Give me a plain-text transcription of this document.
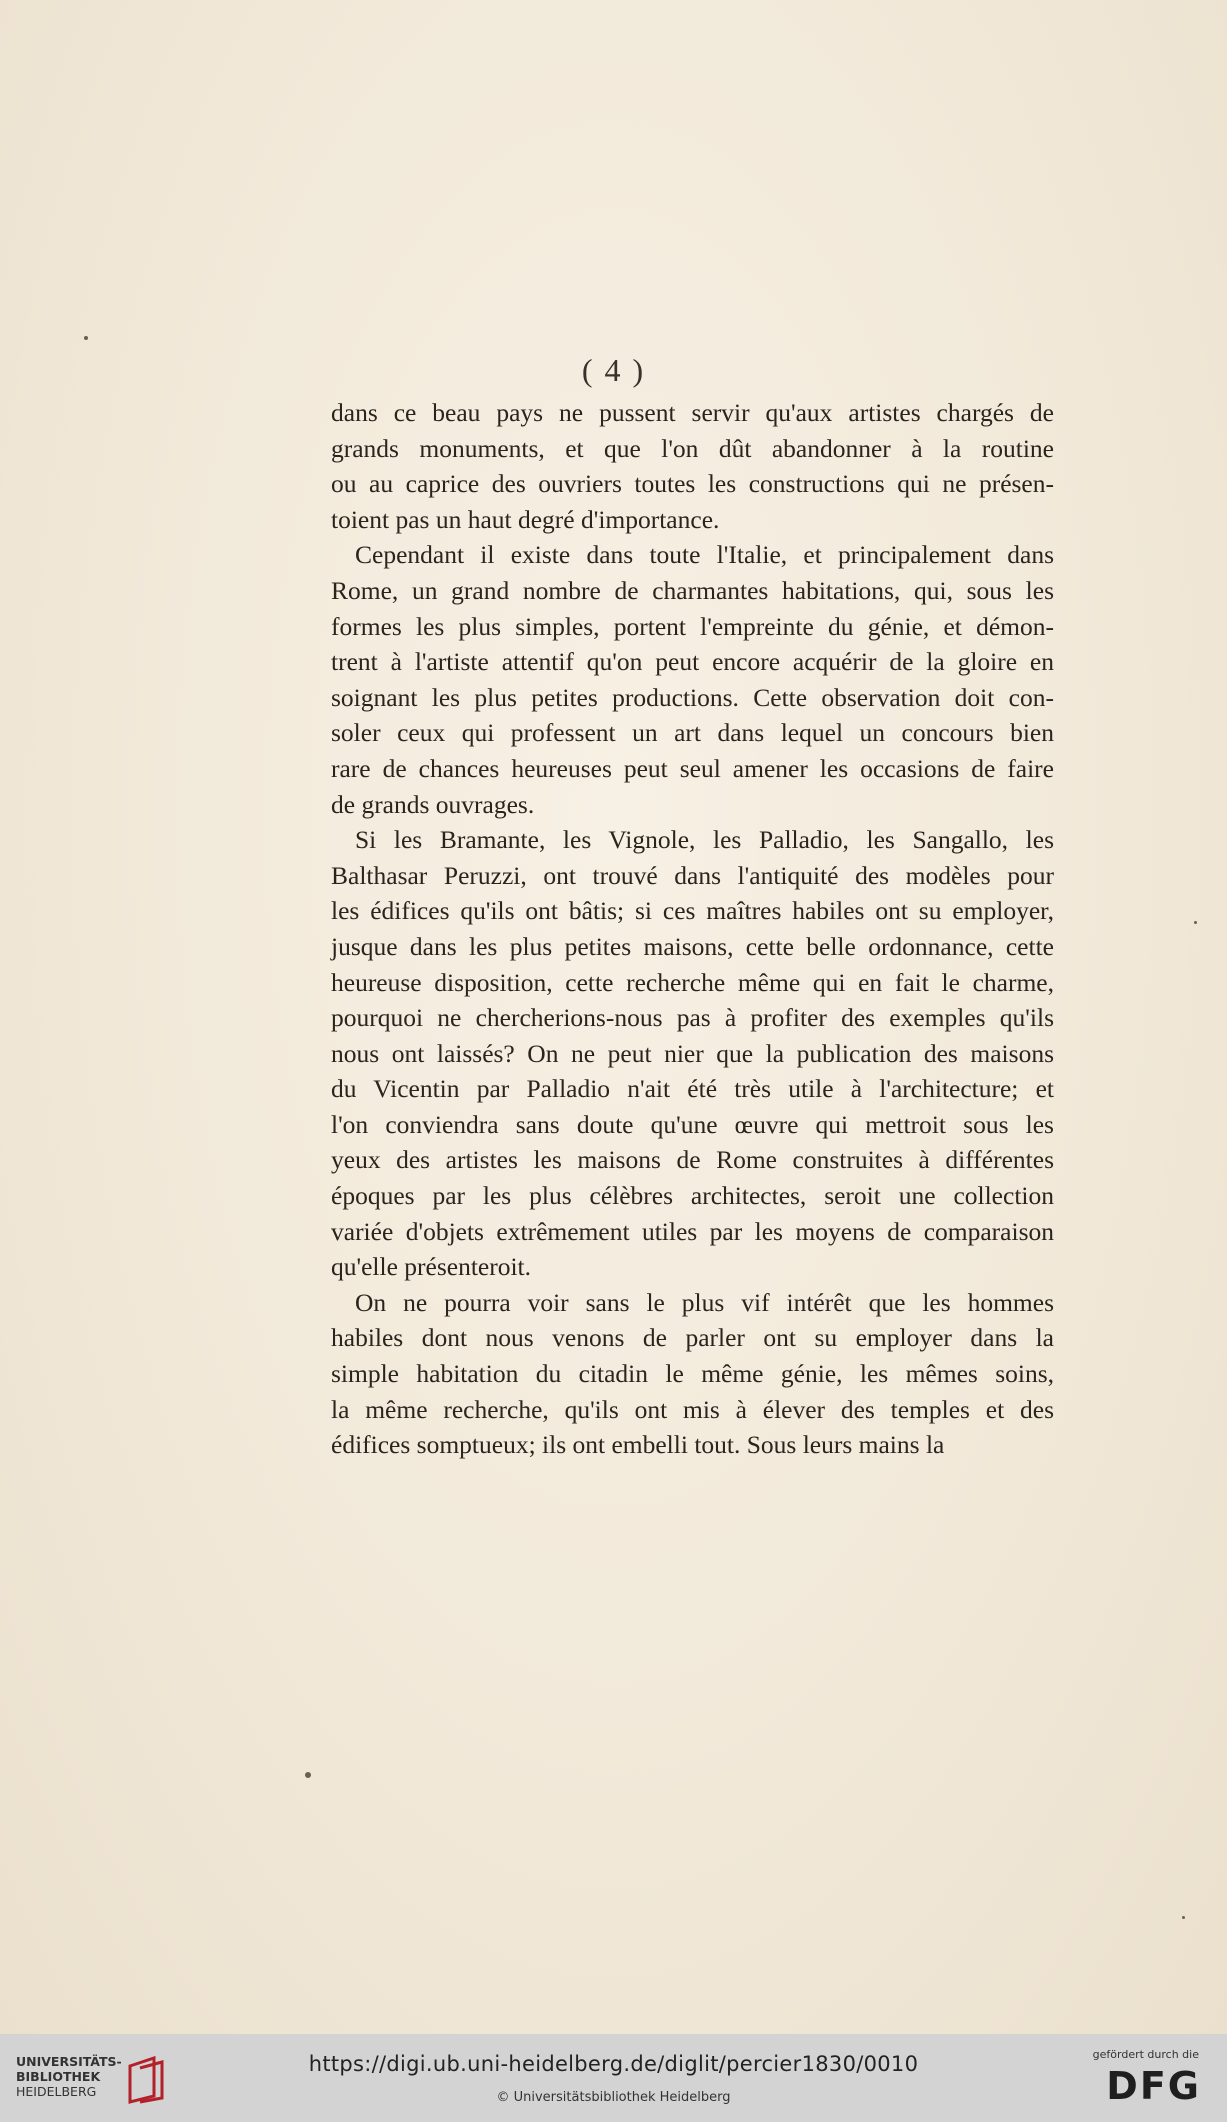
( 4 )
dans ce beau pays ne pussent servir qu'aux artistes chargés de
grands monuments, et que l'on dût abandonner à la routine
ou au caprice des ouvriers toutes les constructions qui ne présen-
toient pas un haut degré d'importance.
Cependant il existe dans toute l'Italie, et principalement dans
Rome, un grand nombre de charmantes habitations, qui, sous les
formes les plus simples, portent l'empreinte du génie, et démon-
trent à l'artiste attentif qu'on peut encore acquérir de la gloire en
soignant les plus petites productions. Cette observation doit con-
soler ceux qui professent un art dans lequel un concours bien
rare de chances heureuses peut seul amener les occasions de faire
de grands ouvrages.
Si les Bramante, les Vignole, les Palladio, les Sangallo, les
Balthasar Peruzzi, ont trouvé dans l'antiquité des modèles pour
les édifices qu'ils ont bâtis; si ces maîtres habiles ont su employer,
jusque dans les plus petites maisons, cette belle ordonnance, cette
heureuse disposition, cette recherche même qui en fait le charme,
pourquoi ne chercherions-nous pas à profiter des exemples qu'ils
nous ont laissés? On ne peut nier que la publication des maisons
du Vicentin par Palladio n'ait été très utile à l'architecture; et
l'on conviendra sans doute qu'une œuvre qui mettroit sous les
yeux des artistes les maisons de Rome construites à différentes
époques par les plus célèbres architectes, seroit une collection
variée d'objets extrêmement utiles par les moyens de comparaison
qu'elle présenteroit.
On ne pourra voir sans le plus vif intérêt que les hommes
habiles dont nous venons de parler ont su employer dans la
simple habitation du citadin le même génie, les mêmes soins,
la même recherche, qu'ils ont mis à élever des temples et des
édifices somptueux; ils ont embelli tout. Sous leurs mains la
UNIVERSITÄTS-
BIBLIOTHEK
HEIDELBERG
https://digi.ub.uni-heidelberg.de/diglit/percier1830/0010
© Universitätsbibliothek Heidelberg
gefördert durch die
DFG
